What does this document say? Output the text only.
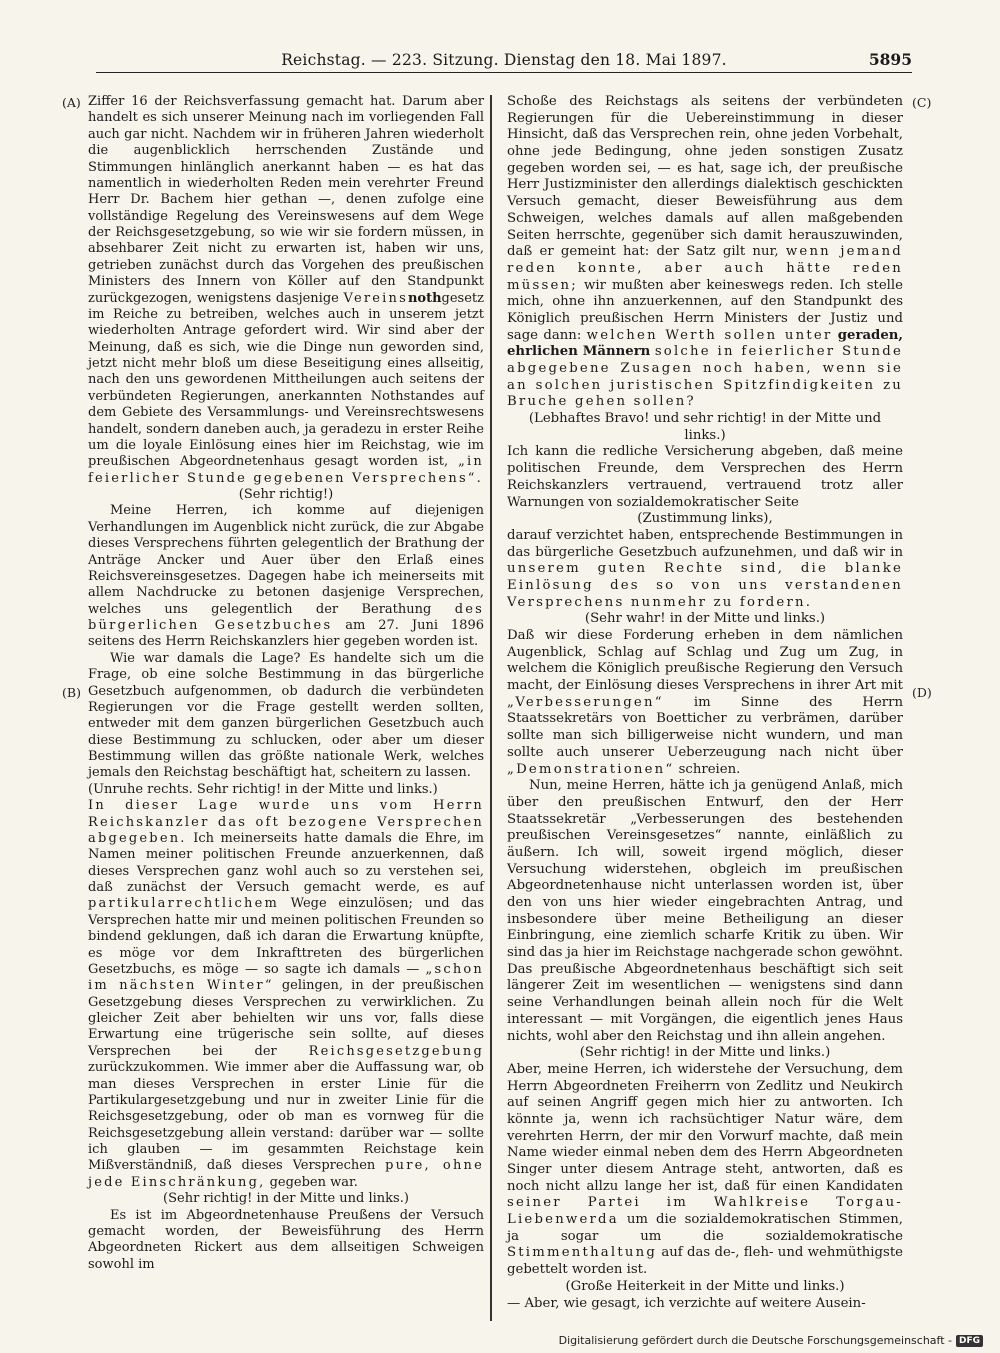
Reichstag. — 223. Sitzung. Dienstag den 18. Mai 1897.	5895
(A)
(B)
(C)
(D)

Ziffer 16 der Reichsverfassung gemacht hat. Darum aber handelt es sich unserer Meinung nach im vorliegenden Fall auch gar nicht. Nachdem wir in früheren Jahren wiederholt die augenblicklich herrschenden Zustände und Stimmungen hinlänglich anerkannt haben — es hat das namentlich in wiederholten Reden mein verehrter Freund Herr Dr. Bachem hier gethan —, denen zufolge eine vollständige Regelung des Vereinswesens auf dem Wege der Reichsgesetzgebung, so wie wir sie fordern müssen, in absehbarer Zeit nicht zu erwarten ist, haben wir uns, getrieben zunächst durch das Vorgehen des preußischen Ministers des Innern von Köller auf den Standpunkt zurückgezogen, wenigstens dasjenige Vereinsnothgesetz im Reiche zu betreiben, welches auch in unserem jetzt wiederholten Antrage gefordert wird. Wir sind aber der Meinung, daß es sich, wie die Dinge nun geworden sind, jetzt nicht mehr bloß um diese Beseitigung eines allseitig, nach den uns gewordenen Mittheilungen auch seitens der verbündeten Regierungen, anerkannten Nothstandes auf dem Gebiete des Versammlungs- und Vereinsrechtswesens handelt, sondern daneben auch, ja geradezu in erster Reihe um die loyale Einlösung eines hier im Reichstag, wie im preußischen Abgeordnetenhaus gesagt worden ist, „in feierlicher Stunde gegebenen Versprechens“.

(Sehr richtig!)

Meine Herren, ich komme auf diejenigen Verhandlungen im Augenblick nicht zurück, die zur Abgabe dieses Versprechens führten gelegentlich der Brathung der Anträge Ancker und Auer über den Erlaß eines Reichsvereinsgesetzes. Dagegen habe ich meinerseits mit allem Nachdrucke zu betonen dasjenige Versprechen, welches uns gelegentlich der Berathung des bürgerlichen Gesetzbuches am 27. Juni 1896 seitens des Herrn Reichskanzlers hier gegeben worden ist.

Wie war damals die Lage? Es handelte sich um die Frage, ob eine solche Bestimmung in das bürgerliche Gesetzbuch aufgenommen, ob dadurch die verbündeten Regierungen vor die Frage gestellt werden sollten, entweder mit dem ganzen bürgerlichen Gesetzbuch auch diese Bestimmung zu schlucken, oder aber um dieser Bestimmung willen das größte nationale Werk, welches jemals den Reichstag beschäftigt hat, scheitern zu lassen.

(Unruhe rechts. Sehr richtig! in der Mitte und links.)

In dieser Lage wurde uns vom Herrn Reichskanzler das oft bezogene Versprechen abgegeben. Ich meinerseits hatte damals die Ehre, im Namen meiner politischen Freunde anzuerkennen, daß dieses Versprechen ganz wohl auch so zu verstehen sei, daß zunächst der Versuch gemacht werde, es auf partikularrechtlichem Wege einzulösen; und das Versprechen hatte mir und meinen politischen Freunden so bindend geklungen, daß ich daran die Erwartung knüpfte, es möge vor dem Inkrafttreten des bürgerlichen Gesetzbuchs, es möge — so sagte ich damals — „schon im nächsten Winter“ gelingen, in der preußischen Gesetzgebung dieses Versprechen zu verwirklichen. Zu gleicher Zeit aber behielten wir uns vor, falls diese Erwartung eine trügerische sein sollte, auf dieses Versprechen bei der Reichsgesetzgebung zurückzukommen. Wie immer aber die Auffassung war, ob man dieses Versprechen in erster Linie für die Partikulargesetzgebung und nur in zweiter Linie für die Reichsgesetzgebung, oder ob man es vornweg für die Reichsgesetzgebung allein verstand: darüber war — sollte ich glauben — im gesammten Reichstage kein Mißverständniß, daß dieses Versprechen pure, ohne jede Einschränkung, gegeben war.

(Sehr richtig! in der Mitte und links.)

Es ist im Abgeordnetenhause Preußens der Versuch gemacht worden, der Beweisführung des Herrn Abgeordneten Rickert aus dem allseitigen Schweigen sowohl im

Schoße des Reichstags als seitens der verbündeten Regierungen für die Uebereinstimmung in dieser Hinsicht, daß das Versprechen rein, ohne jeden Vorbehalt, ohne jede Bedingung, ohne jeden sonstigen Zusatz gegeben worden sei, — es hat, sage ich, der preußische Herr Justizminister den allerdings dialektisch geschickten Versuch gemacht, dieser Beweisführung aus dem Schweigen, welches damals auf allen maßgebenden Seiten herrschte, gegenüber sich damit herauszuwinden, daß er gemeint hat: der Satz gilt nur, wenn jemand reden konnte, aber auch hätte reden müssen; wir mußten aber keineswegs reden. Ich stelle mich, ohne ihn anzuerkennen, auf den Standpunkt des Königlich preußischen Herrn Ministers der Justiz und sage dann: welchen Werth sollen unter geraden, ehrlichen Männern solche in feierlicher Stunde abgegebene Zusagen noch haben, wenn sie an solchen juristischen Spitzfindigkeiten zu Bruche gehen sollen?

(Lebhaftes Bravo! und sehr richtig! in der Mitte und links.)

Ich kann die redliche Versicherung abgeben, daß meine politischen Freunde, dem Versprechen des Herrn Reichskanzlers vertrauend, vertrauend trotz aller Warnungen von sozialdemokratischer Seite

(Zustimmung links),

darauf verzichtet haben, entsprechende Bestimmungen in das bürgerliche Gesetzbuch aufzunehmen, und daß wir in unserem guten Rechte sind, die blanke Einlösung des so von uns verstandenen Versprechens nunmehr zu fordern.

(Sehr wahr! in der Mitte und links.)

Daß wir diese Forderung erheben in dem nämlichen Augenblick, Schlag auf Schlag und Zug um Zug, in welchem die Königlich preußische Regierung den Versuch macht, der Einlösung dieses Versprechens in ihrer Art mit „Verbesserungen“ im Sinne des Herrn Staatssekretärs von Boetticher zu verbrämen, darüber sollte man sich billigerweise nicht wundern, und man sollte auch unserer Ueberzeugung nach nicht über „Demonstrationen“ schreien.

Nun, meine Herren, hätte ich ja genügend Anlaß, mich über den preußischen Entwurf, den der Herr Staatssekretär „Verbesserungen des bestehenden preußischen Vereinsgesetzes“ nannte, einläßlich zu äußern. Ich will, soweit irgend möglich, dieser Versuchung widerstehen, obgleich im preußischen Abgeordnetenhause nicht unterlassen worden ist, über den von uns hier wieder eingebrachten Antrag, und insbesondere über meine Betheiligung an dieser Einbringung, eine ziemlich scharfe Kritik zu üben. Wir sind das ja hier im Reichstage nachgerade schon gewöhnt. Das preußische Abgeordnetenhaus beschäftigt sich seit längerer Zeit im wesentlichen — wenigstens sind dann seine Verhandlungen beinah allein noch für die Welt interessant — mit Vorgängen, die eigentlich jenes Haus nichts, wohl aber den Reichstag und ihn allein angehen.

(Sehr richtig! in der Mitte und links.)

Aber, meine Herren, ich widerstehe der Versuchung, dem Herrn Abgeordneten Freiherrn von Zedlitz und Neukirch auf seinen Angriff gegen mich hier zu antworten. Ich könnte ja, wenn ich rachsüchtiger Natur wäre, dem verehrten Herrn, der mir den Vorwurf machte, daß mein Name wieder einmal neben dem des Herrn Abgeordneten Singer unter diesem Antrage steht, antworten, daß es noch nicht allzu lange her ist, daß für einen Kandidaten seiner Partei im Wahlkreise Torgau-Liebenwerda um die sozialdemokratischen Stimmen, ja sogar um die sozialdemokratische Stimmenthaltung auf das de-, fleh- und wehmüthigste gebettelt worden ist.

(Große Heiterkeit in der Mitte und links.)

— Aber, wie gesagt, ich verzichte auf weitere Ausein-

Digitalisierung gefördert durch die Deutsche Forschungsgemeinschaft - DFG
